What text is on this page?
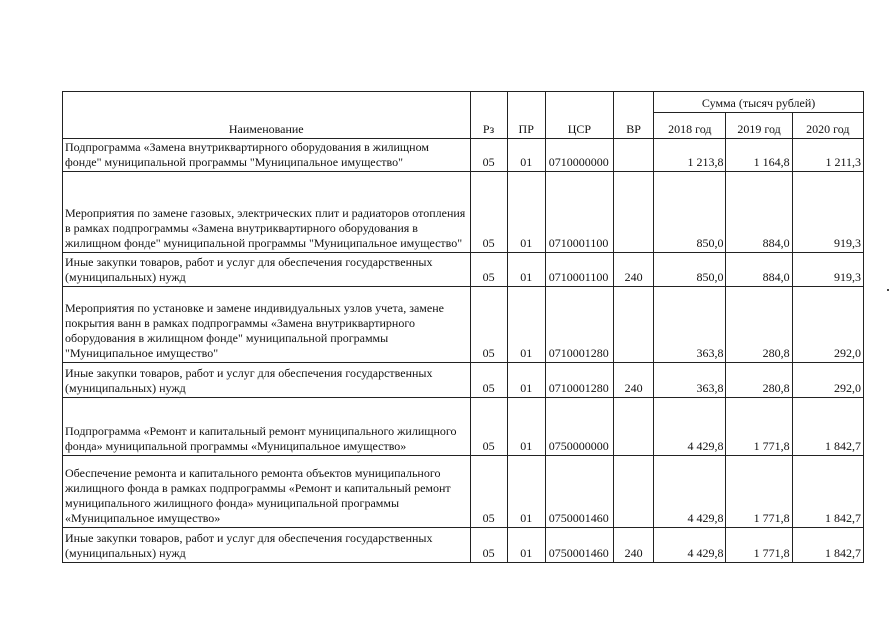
Наименование	Рз	ПР	ЦСР	ВР	Сумма (тысяч рублей)		
					2018 год	2019 год	2020 год
Подпрограмма «Замена внутриквартирного оборудования в жилищном фонде" муниципальной программы "Муниципальное имущество"	05	01	0710000000		1 213,8	1 164,8	1 211,3
Мероприятия по замене газовых, электрических плит и радиаторов отопления в рамках подпрограммы «Замена внутриквартирного оборудования в жилищном фонде" муниципальной программы "Муниципальное имущество"	05	01	0710001100		850,0	884,0	919,3
Иные закупки товаров, работ и услуг для обеспечения государственных (муниципальных) нужд	05	01	0710001100	240	850,0	884,0	919,3
Мероприятия по установке и замене индивидуальных узлов учета, замене покрытия ванн в рамках подпрограммы «Замена внутриквартирного оборудования в жилищном фонде" муниципальной программы "Муниципальное имущество"	05	01	0710001280		363,8	280,8	292,0
Иные закупки товаров, работ и услуг для обеспечения государственных (муниципальных) нужд	05	01	0710001280	240	363,8	280,8	292,0
Подпрограмма «Ремонт и капитальный ремонт муниципального жилищного фонда» муниципальной программы «Муниципальное имущество»	05	01	0750000000		4 429,8	1 771,8	1 842,7
Обеспечение ремонта и капитального ремонта объектов муниципального жилищного фонда в рамках подпрограммы «Ремонт и капитальный ремонт муниципального жилищного фонда» муниципальной программы «Муниципальное имущество»	05	01	0750001460		4 429,8	1 771,8	1 842,7
Иные закупки товаров, работ и услуг для обеспечения государственных (муниципальных) нужд	05	01	0750001460	240	4 429,8	1 771,8	1 842,7
